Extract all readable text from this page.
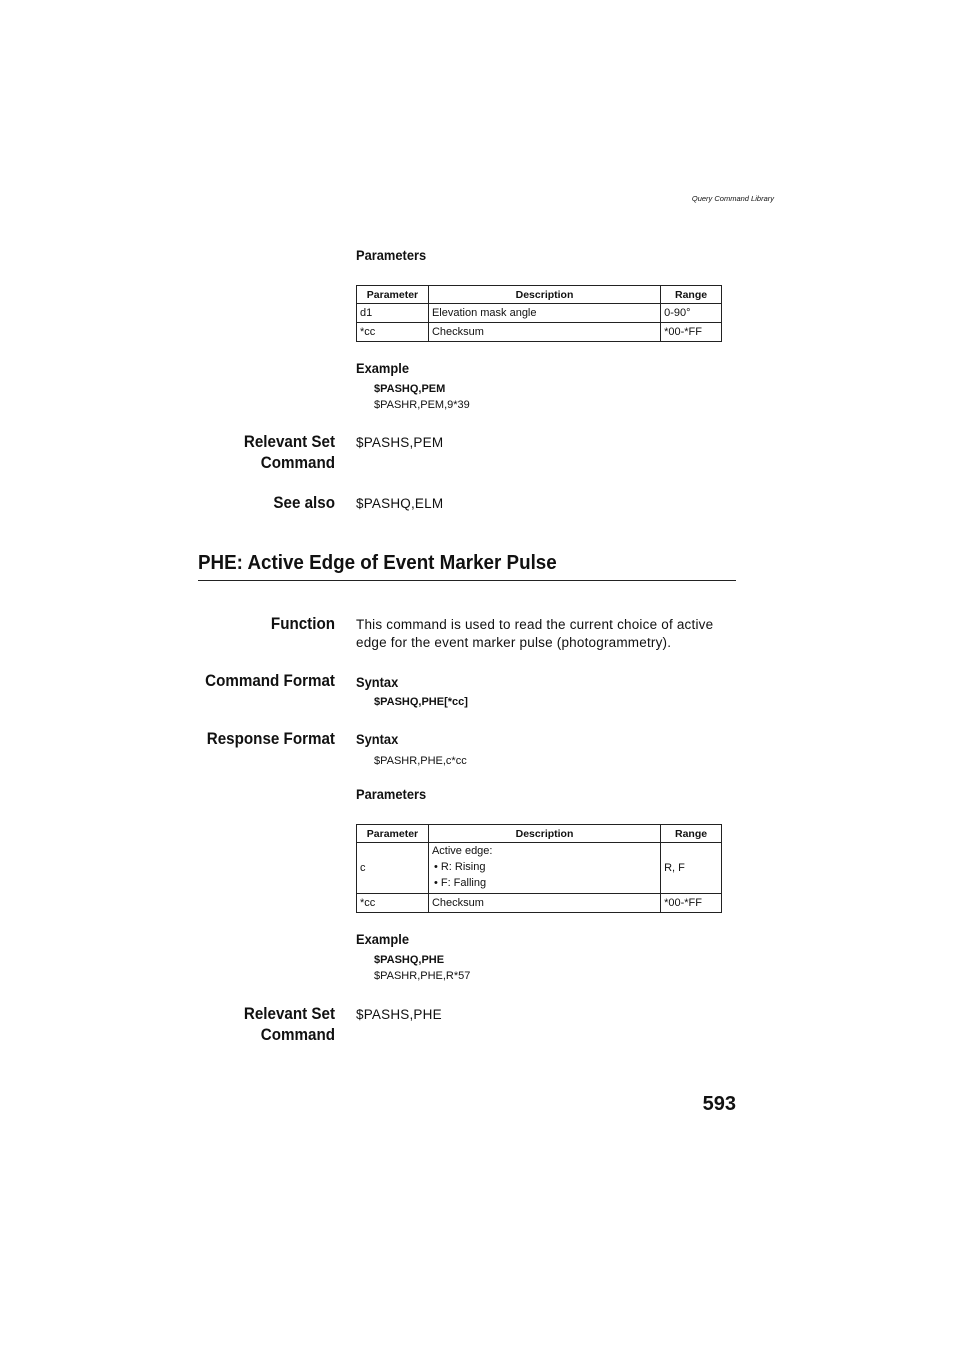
Query Command Library
Parameters
Parameter	Description	Range
d1	Elevation mask angle	0-90°
*cc	Checksum	*00-*FF
Example
$PASHQ,PEM
$PASHR,PEM,9*39
Relevant Set
Command
$PASHS,PEM
See also $PASHQ,ELM
PHE: Active Edge of Event Marker Pulse
Function This command is used to read the current choice of active
edge for the event marker pulse (photogrammetry).
Command Format Syntax
$PASHQ,PHE[*cc]
Response Format Syntax
$PASHR,PHE,c*cc
Parameters
Parameter	Description	Range
c	Active edge:
• R: Rising
• F: Falling	R, F
*cc	Checksum	*00-*FF
Example
$PASHQ,PHE
$PASHR,PHE,R*57
Relevant Set
Command
$PASHS,PHE
593
